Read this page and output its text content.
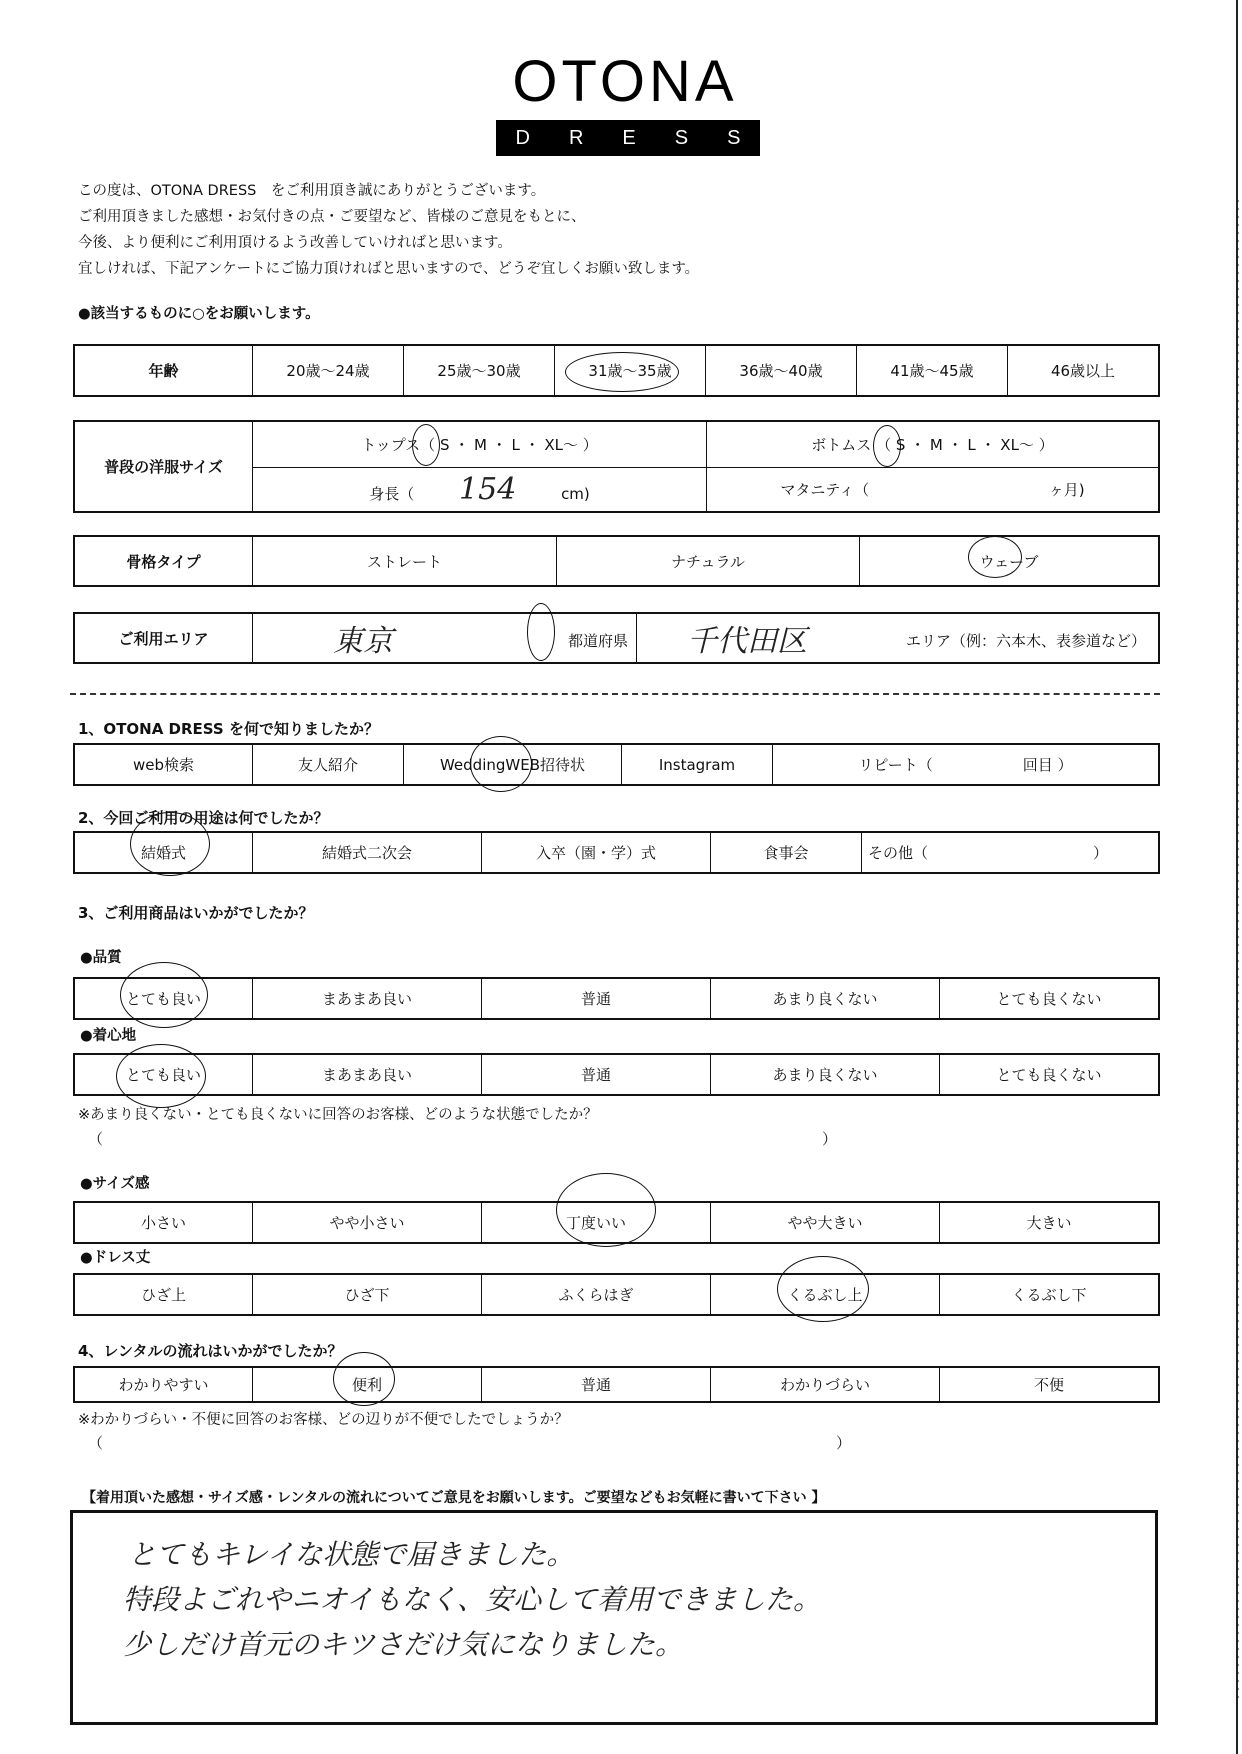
OTONA
D R E S S
この度は、OTONA DRESS　をご利用頂き誠にありがとうございます。
ご利用頂きました感想・お気付きの点・ご要望など、皆様のご意見をもとに、
今後、より便利にご利用頂けるよう改善していければと思います。
宜しければ、下記アンケートにご協力頂ければと思いますので、どうぞ宜しくお願い致します。
●該当するものに○をお願いします。
年齢	20歳～24歳	25歳～30歳	31歳～35歳	36歳～40歳	41歳～45歳	46歳以上
普段の洋服サイズ	トップス（ S ・ M ・ L ・ XL～ ）	ボトムス （ S ・ M ・ L ・ XL～ ）
	身長（ 154 cm)	マタニティ（ ヶ月)
骨格タイプ	ストレート	ナチュラル	ウェーブ
ご利用エリア	東京	都道府県	千代田区	エリア（例：六本木、表参道など）
1、OTONA DRESS を何で知りましたか？
web検索	友人紹介	WeddingWEB招待状	Instagram	リピート（　　　　　　回目 ）
2、今回ご利用の用途は何でしたか？
結婚式	結婚式二次会	入卒（園・学）式	食事会	その他（　　　　　　　　　　　）
3、ご利用商品はいかがでしたか？
●品質
とても良い	まあまあ良い	普通	あまり良くない	とても良くない
●着心地
とても良い	まあまあ良い	普通	あまり良くない	とても良くない
※あまり良くない・とても良くないに回答のお客様、どのような状態でしたか？
（	）
●サイズ感
小さい	やや小さい	丁度いい	やや大きい	大きい
●ドレス丈
ひざ上	ひざ下	ふくらはぎ	くるぶし上	くるぶし下
4、レンタルの流れはいかがでしたか？
わかりやすい	便利	普通	わかりづらい	不便
※わかりづらい・不便に回答のお客様、どの辺りが不便でしたでしょうか？
（	）
【着用頂いた感想・サイズ感・レンタルの流れについてご意見をお願いします。ご要望などもお気軽に書いて下さい 】
とてもキレイな状態で届きました。
特段よごれやニオイもなく、安心して着用できました。
少しだけ首元のキツさだけ気になりました。
